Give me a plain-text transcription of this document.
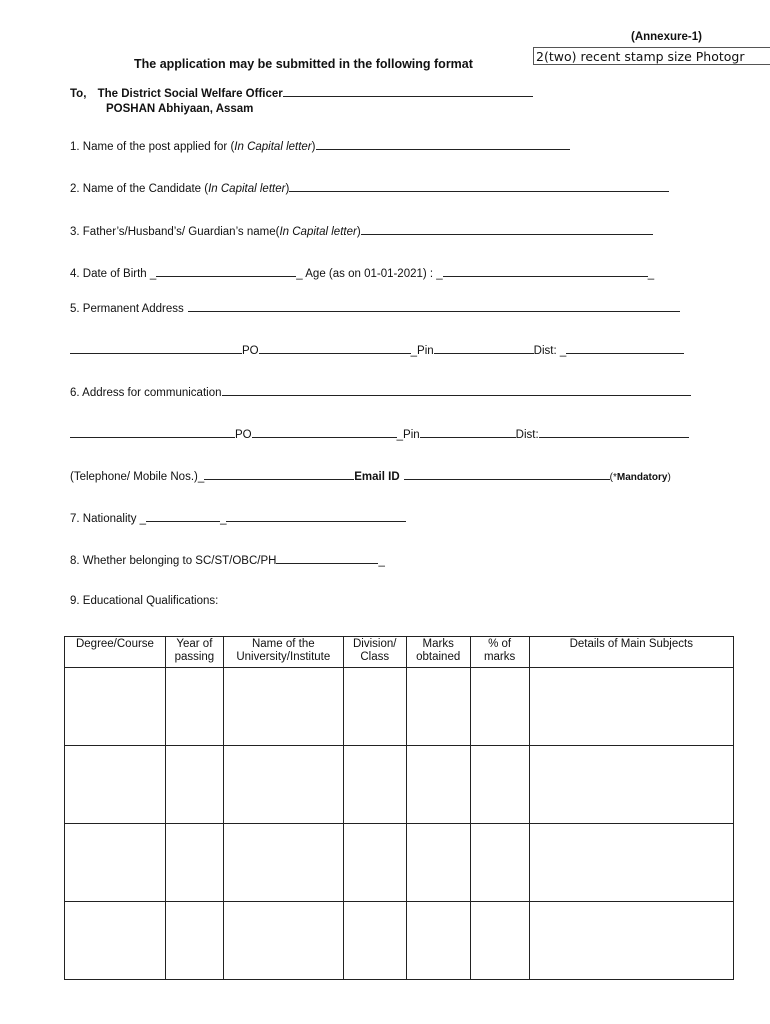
(Annexure-1)
The application may be submitted in the following format	2(two) recent stamp size Photogr
To, The District Social Welfare Officer
POSHAN Abhiyaan, Assam
1. Name of the post applied for (In Capital letter)
2. Name of the Candidate (In Capital letter)
3. Father’s/Husband’s/ Guardian’s name(In Capital letter)
4. Date of Birth _	_ Age (as on 01-01-2021) : _	_
5. Permanent Address
PO	_Pin	Dist: _
6. Address for communication
PO	_Pin	Dist:
(Telephone/ Mobile Nos.)_	Email ID	(*Mandatory)
7. Nationality _	_
8. Whether belonging to SC/ST/OBC/PH	_
9. Educational Qualifications:
Degree/Course	Year of passing	Name of the University/Institute	Division/ Class	Marks obtained	% of marks	Details of Main Subjects
